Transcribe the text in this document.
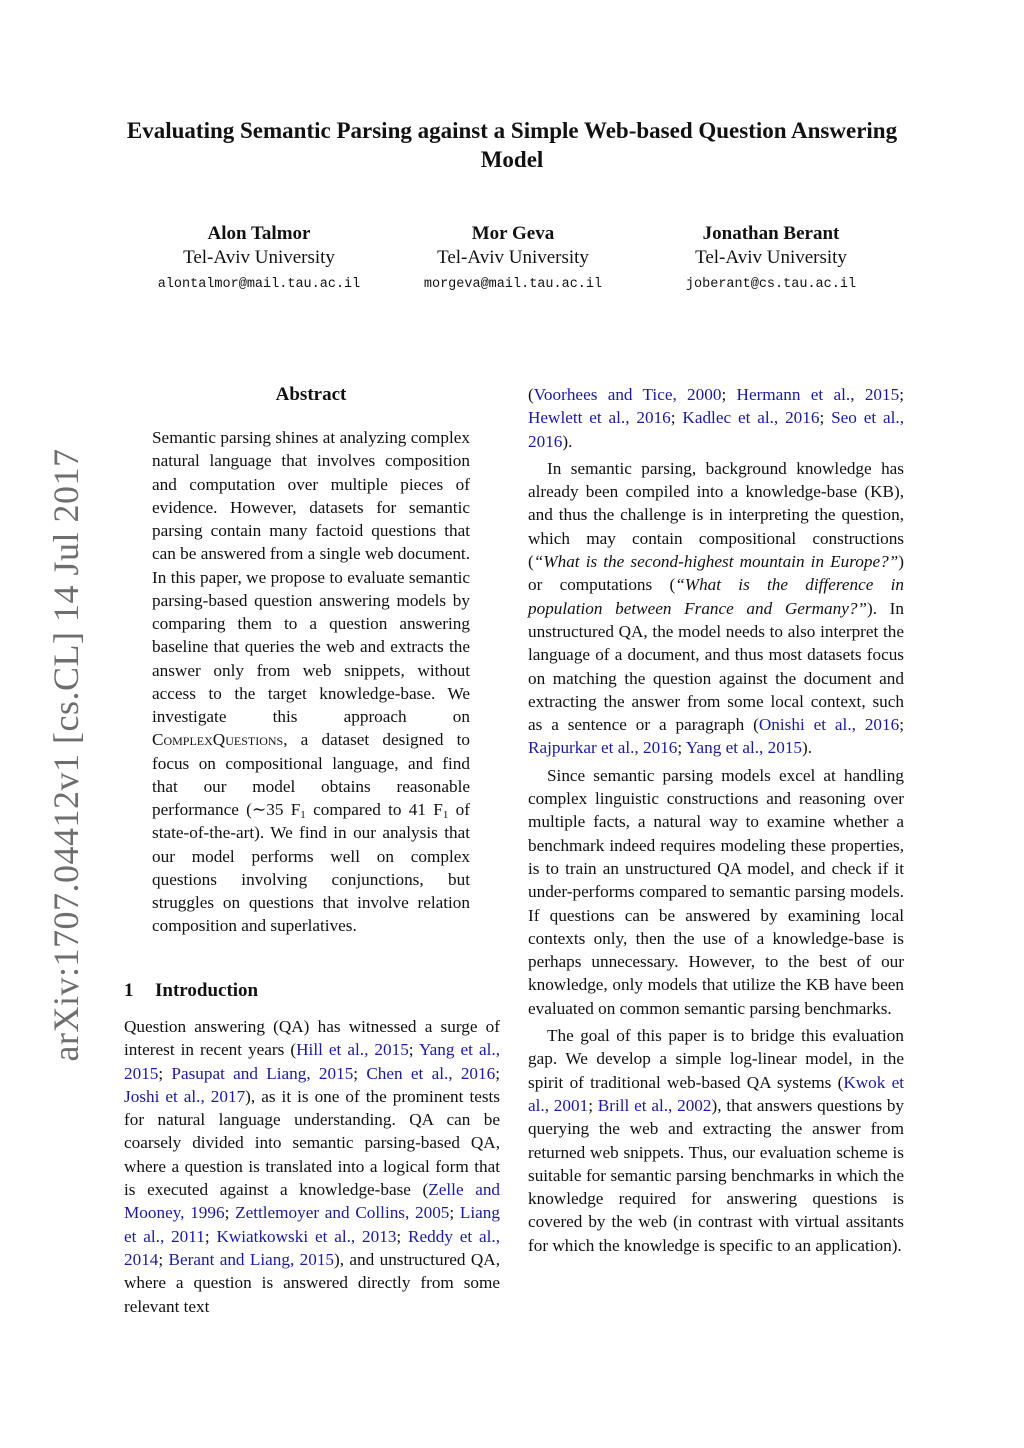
arXiv:1707.04412v1 [cs.CL] 14 Jul 2017
Evaluating Semantic Parsing against a Simple Web-based Question Answering Model
Alon Talmor
Tel-Aviv University
alontalmor@mail.tau.ac.il
Mor Geva
Tel-Aviv University
morgeva@mail.tau.ac.il
Jonathan Berant
Tel-Aviv University
joberant@cs.tau.ac.il
Abstract

Semantic parsing shines at analyzing complex natural language that involves composition and computation over multiple pieces of evidence. However, datasets for semantic parsing contain many factoid questions that can be answered from a single web document. In this paper, we propose to evaluate semantic parsing-based question answering models by comparing them to a question answering baseline that queries the web and extracts the answer only from web snippets, without access to the target knowledge-base. We investigate this approach on ComplexQuestions, a dataset designed to focus on compositional language, and find that our model obtains reasonable performance (∼35 $F_1$ compared to 41 $F_1$ of state-of-the-art). We find in our analysis that our model performs well on complex questions involving conjunctions, but struggles on questions that involve relation composition and superlatives.

1 Introduction

Question answering (QA) has witnessed a surge of interest in recent years (Hill et al., 2015; Yang et al., 2015; Pasupat and Liang, 2015; Chen et al., 2016; Joshi et al., 2017), as it is one of the prominent tests for natural language understanding. QA can be coarsely divided into semantic parsing-based QA, where a question is translated into a logical form that is executed against a knowledge-base (Zelle and Mooney, 1996; Zettlemoyer and Collins, 2005; Liang et al., 2011; Kwiatkowski et al., 2013; Reddy et al., 2014; Berant and Liang, 2015), and unstructured QA, where a question is answered directly from some relevant text

(Voorhees and Tice, 2000; Hermann et al., 2015; Hewlett et al., 2016; Kadlec et al., 2016; Seo et al., 2016).

In semantic parsing, background knowledge has already been compiled into a knowledge-base (KB), and thus the challenge is in interpreting the question, which may contain compositional constructions (“What is the second-highest mountain in Europe?”) or computations (“What is the difference in population between France and Germany?”). In unstructured QA, the model needs to also interpret the language of a document, and thus most datasets focus on matching the question against the document and extracting the answer from some local context, such as a sentence or a paragraph (Onishi et al., 2016; Rajpurkar et al., 2016; Yang et al., 2015).

Since semantic parsing models excel at handling complex linguistic constructions and reasoning over multiple facts, a natural way to examine whether a benchmark indeed requires modeling these properties, is to train an unstructured QA model, and check if it under-performs compared to semantic parsing models. If questions can be answered by examining local contexts only, then the use of a knowledge-base is perhaps unnecessary. However, to the best of our knowledge, only models that utilize the KB have been evaluated on common semantic parsing benchmarks.

The goal of this paper is to bridge this evaluation gap. We develop a simple log-linear model, in the spirit of traditional web-based QA systems (Kwok et al., 2001; Brill et al., 2002), that answers questions by querying the web and extracting the answer from returned web snippets. Thus, our evaluation scheme is suitable for semantic parsing benchmarks in which the knowledge required for answering questions is covered by the web (in contrast with virtual assitants for which the knowledge is specific to an application).
